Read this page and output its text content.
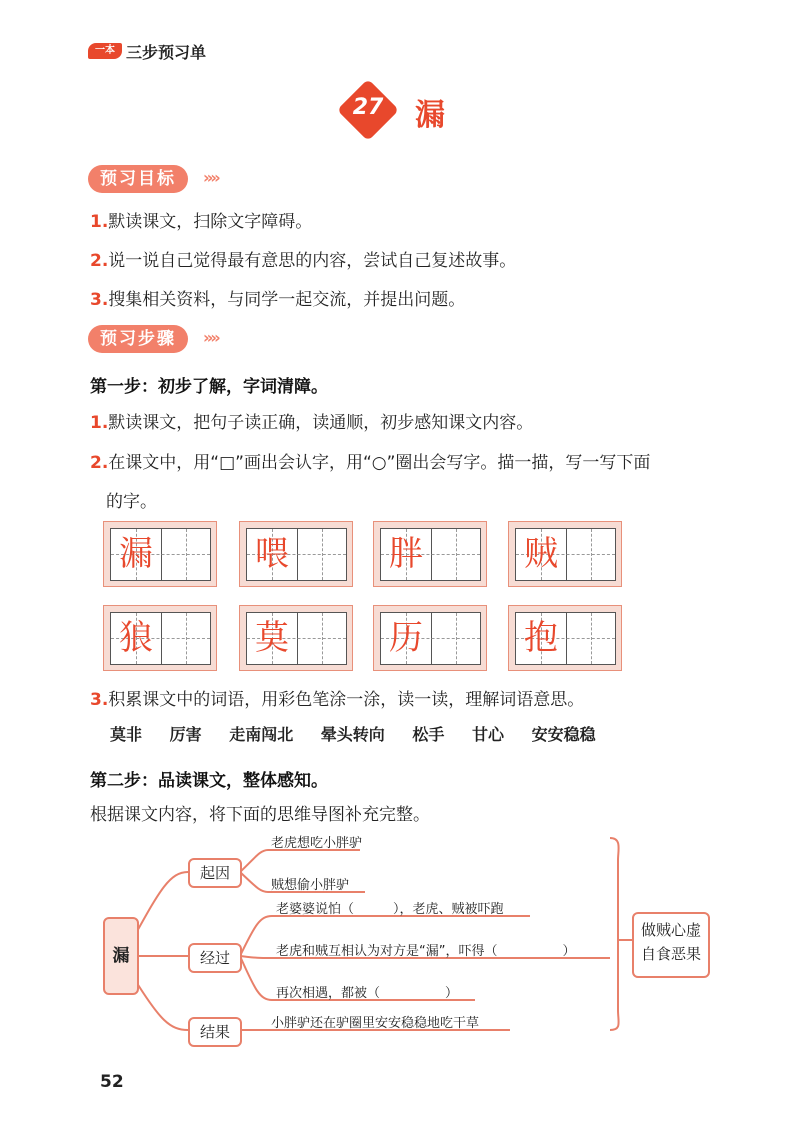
一本 三步预习单
27 漏
预习目标	»»
1.默读课文，扫除文字障碍。
2.说一说自己觉得最有意思的内容，尝试自己复述故事。
3.搜集相关资料，与同学一起交流，并提出问题。
预习步骤	»»
第一步：初步了解，字词清障。
1.默读课文，把句子读正确，读通顺，初步感知课文内容。
2.在课文中，用“□”画出会认字，用“○”圈出会写字。描一描，写一写下面
的字。
漏	喂	胖	贼
狼	莫	历	抱
3.积累课文中的词语，用彩色笔涂一涂，读一读，理解词语意思。
莫非 厉害 走南闯北 晕头转向 松手 甘心 安安稳稳
第二步：品读课文，整体感知。
根据课文内容，将下面的思维导图补充完整。
漏
起因
经过
结果
老虎想吃小胖驴
贼想偷小胖驴
老婆婆说怕（　　　），老虎、贼被吓跑
老虎和贼互相认为对方是“漏”，吓得（　　　　　）
再次相遇，都被（　　　　　）
小胖驴还在驴圈里安安稳稳地吃干草
做贼心虚
自食恶果
52
